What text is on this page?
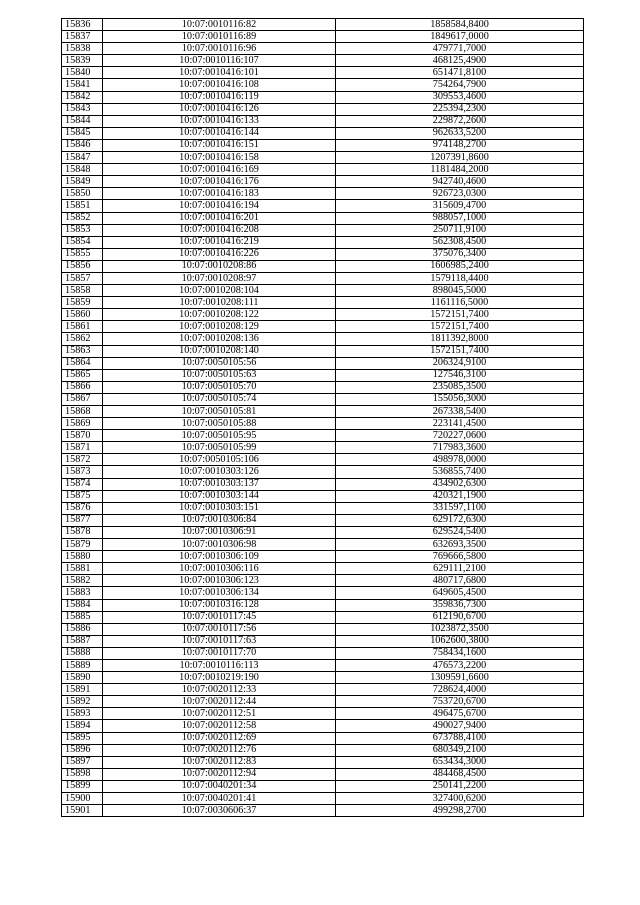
15836	10:07:0010116:82	1858584,8400
15837	10:07:0010116:89	1849617,0000
15838	10:07:0010116:96	479771,7000
15839	10:07:0010116:107	468125,4900
15840	10:07:0010416:101	651471,8100
15841	10:07:0010416:108	754264,7900
15842	10:07:0010416:119	309553,4600
15843	10:07:0010416:126	225394,2300
15844	10:07:0010416:133	229872,2600
15845	10:07:0010416:144	962633,5200
15846	10:07:0010416:151	974148,2700
15847	10:07:0010416:158	1207391,8600
15848	10:07:0010416:169	1181484,2000
15849	10:07:0010416:176	942740,4600
15850	10:07:0010416:183	926723,0300
15851	10:07:0010416:194	315609,4700
15852	10:07:0010416:201	988057,1000
15853	10:07:0010416:208	250711,9100
15854	10:07:0010416:219	562308,4500
15855	10:07:0010416:226	375076,3400
15856	10:07:0010208:86	1606985,2400
15857	10:07:0010208:97	1579118,4400
15858	10:07:0010208:104	898045,5000
15859	10:07:0010208:111	1161116,5000
15860	10:07:0010208:122	1572151,7400
15861	10:07:0010208:129	1572151,7400
15862	10:07:0010208:136	1811392,8000
15863	10:07:0010208:140	1572151,7400
15864	10:07:0050105:56	206324,9100
15865	10:07:0050105:63	127546,3100
15866	10:07:0050105:70	235085,3500
15867	10:07:0050105:74	155056,3000
15868	10:07:0050105:81	267338,5400
15869	10:07:0050105:88	223141,4500
15870	10:07:0050105:95	720227,0600
15871	10:07:0050105:99	717983,3600
15872	10:07:0050105:106	498978,0000
15873	10:07:0010303:126	536855,7400
15874	10:07:0010303:137	434902,6300
15875	10:07:0010303:144	420321,1900
15876	10:07:0010303:151	331597,1100
15877	10:07:0010306:84	629172,6300
15878	10:07:0010306:91	629524,5400
15879	10:07:0010306:98	632693,3500
15880	10:07:0010306:109	769666,5800
15881	10:07:0010306:116	629111,2100
15882	10:07:0010306:123	480717,6800
15883	10:07:0010306:134	649605,4500
15884	10:07:0010316:128	359836,7300
15885	10:07:0010117:45	612190,6700
15886	10:07:0010117:56	1023872,3500
15887	10:07:0010117:63	1062600,3800
15888	10:07:0010117:70	758434,1600
15889	10:07:0010116:113	476573,2200
15890	10:07:0010219:190	1309591,6600
15891	10:07:0020112:33	728624,4000
15892	10:07:0020112:44	753720,6700
15893	10:07:0020112:51	496475,6700
15894	10:07:0020112:58	490027,9400
15895	10:07:0020112:69	673788,4100
15896	10:07:0020112:76	680349,2100
15897	10:07:0020112:83	653434,3000
15898	10:07:0020112:94	484468,4500
15899	10:07:0040201:34	250141,2200
15900	10:07:0040201:41	327400,6200
15901	10:07:0030606:37	499298,2700
